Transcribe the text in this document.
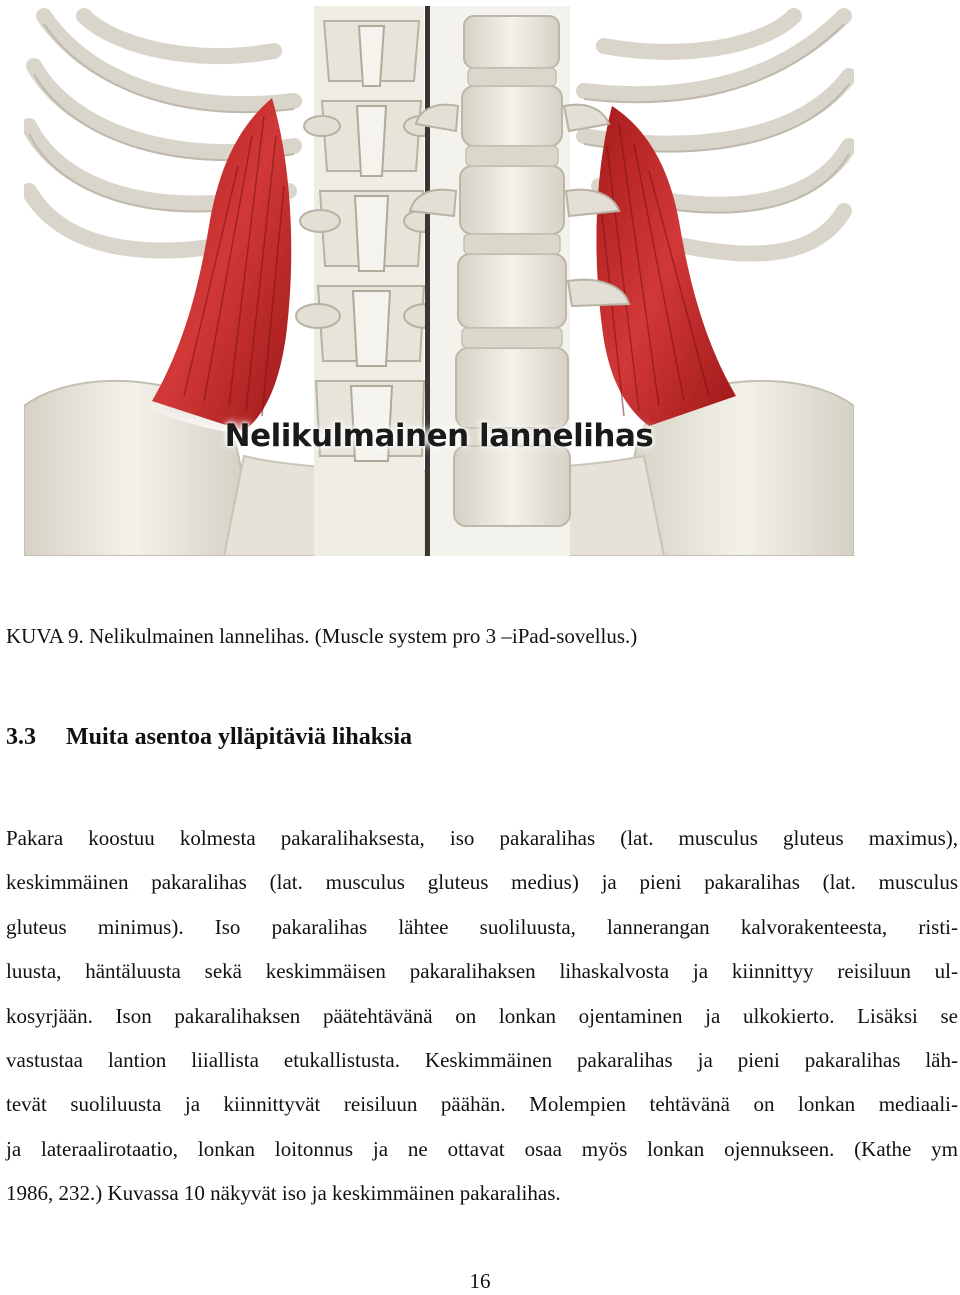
Nelikulmainen lannelihas
KUVA 9. Nelikulmainen lannelihas. (Muscle system pro 3 –iPad-sovellus.)
3.3 Muita asentoa ylläpitäviä lihaksia
Pakara koostuu kolmesta pakaralihaksesta, iso pakaralihas (lat. musculus gluteus maximus),
keskimmäinen pakaralihas (lat. musculus gluteus medius) ja pieni pakaralihas (lat. musculus
gluteus minimus). Iso pakaralihas lähtee suoliluusta, lannerangan kalvorakenteesta, risti-
luusta, häntäluusta sekä keskimmäisen pakaralihaksen lihaskalvosta ja kiinnittyy reisiluun ul-
kosyrjään. Ison pakaralihaksen päätehtävänä on lonkan ojentaminen ja ulkokierto. Lisäksi se
vastustaa lantion liiallista etukallistusta. Keskimmäinen pakaralihas ja pieni pakaralihas läh-
tevät suoliluusta ja kiinnittyvät reisiluun päähän. Molempien tehtävänä on lonkan mediaali-
ja lateraalirotaatio, lonkan loitonnus ja ne ottavat osaa myös lonkan ojennukseen. (Kathe ym
1986, 232.) Kuvassa 10 näkyvät iso ja keskimmäinen pakaralihas.
16
